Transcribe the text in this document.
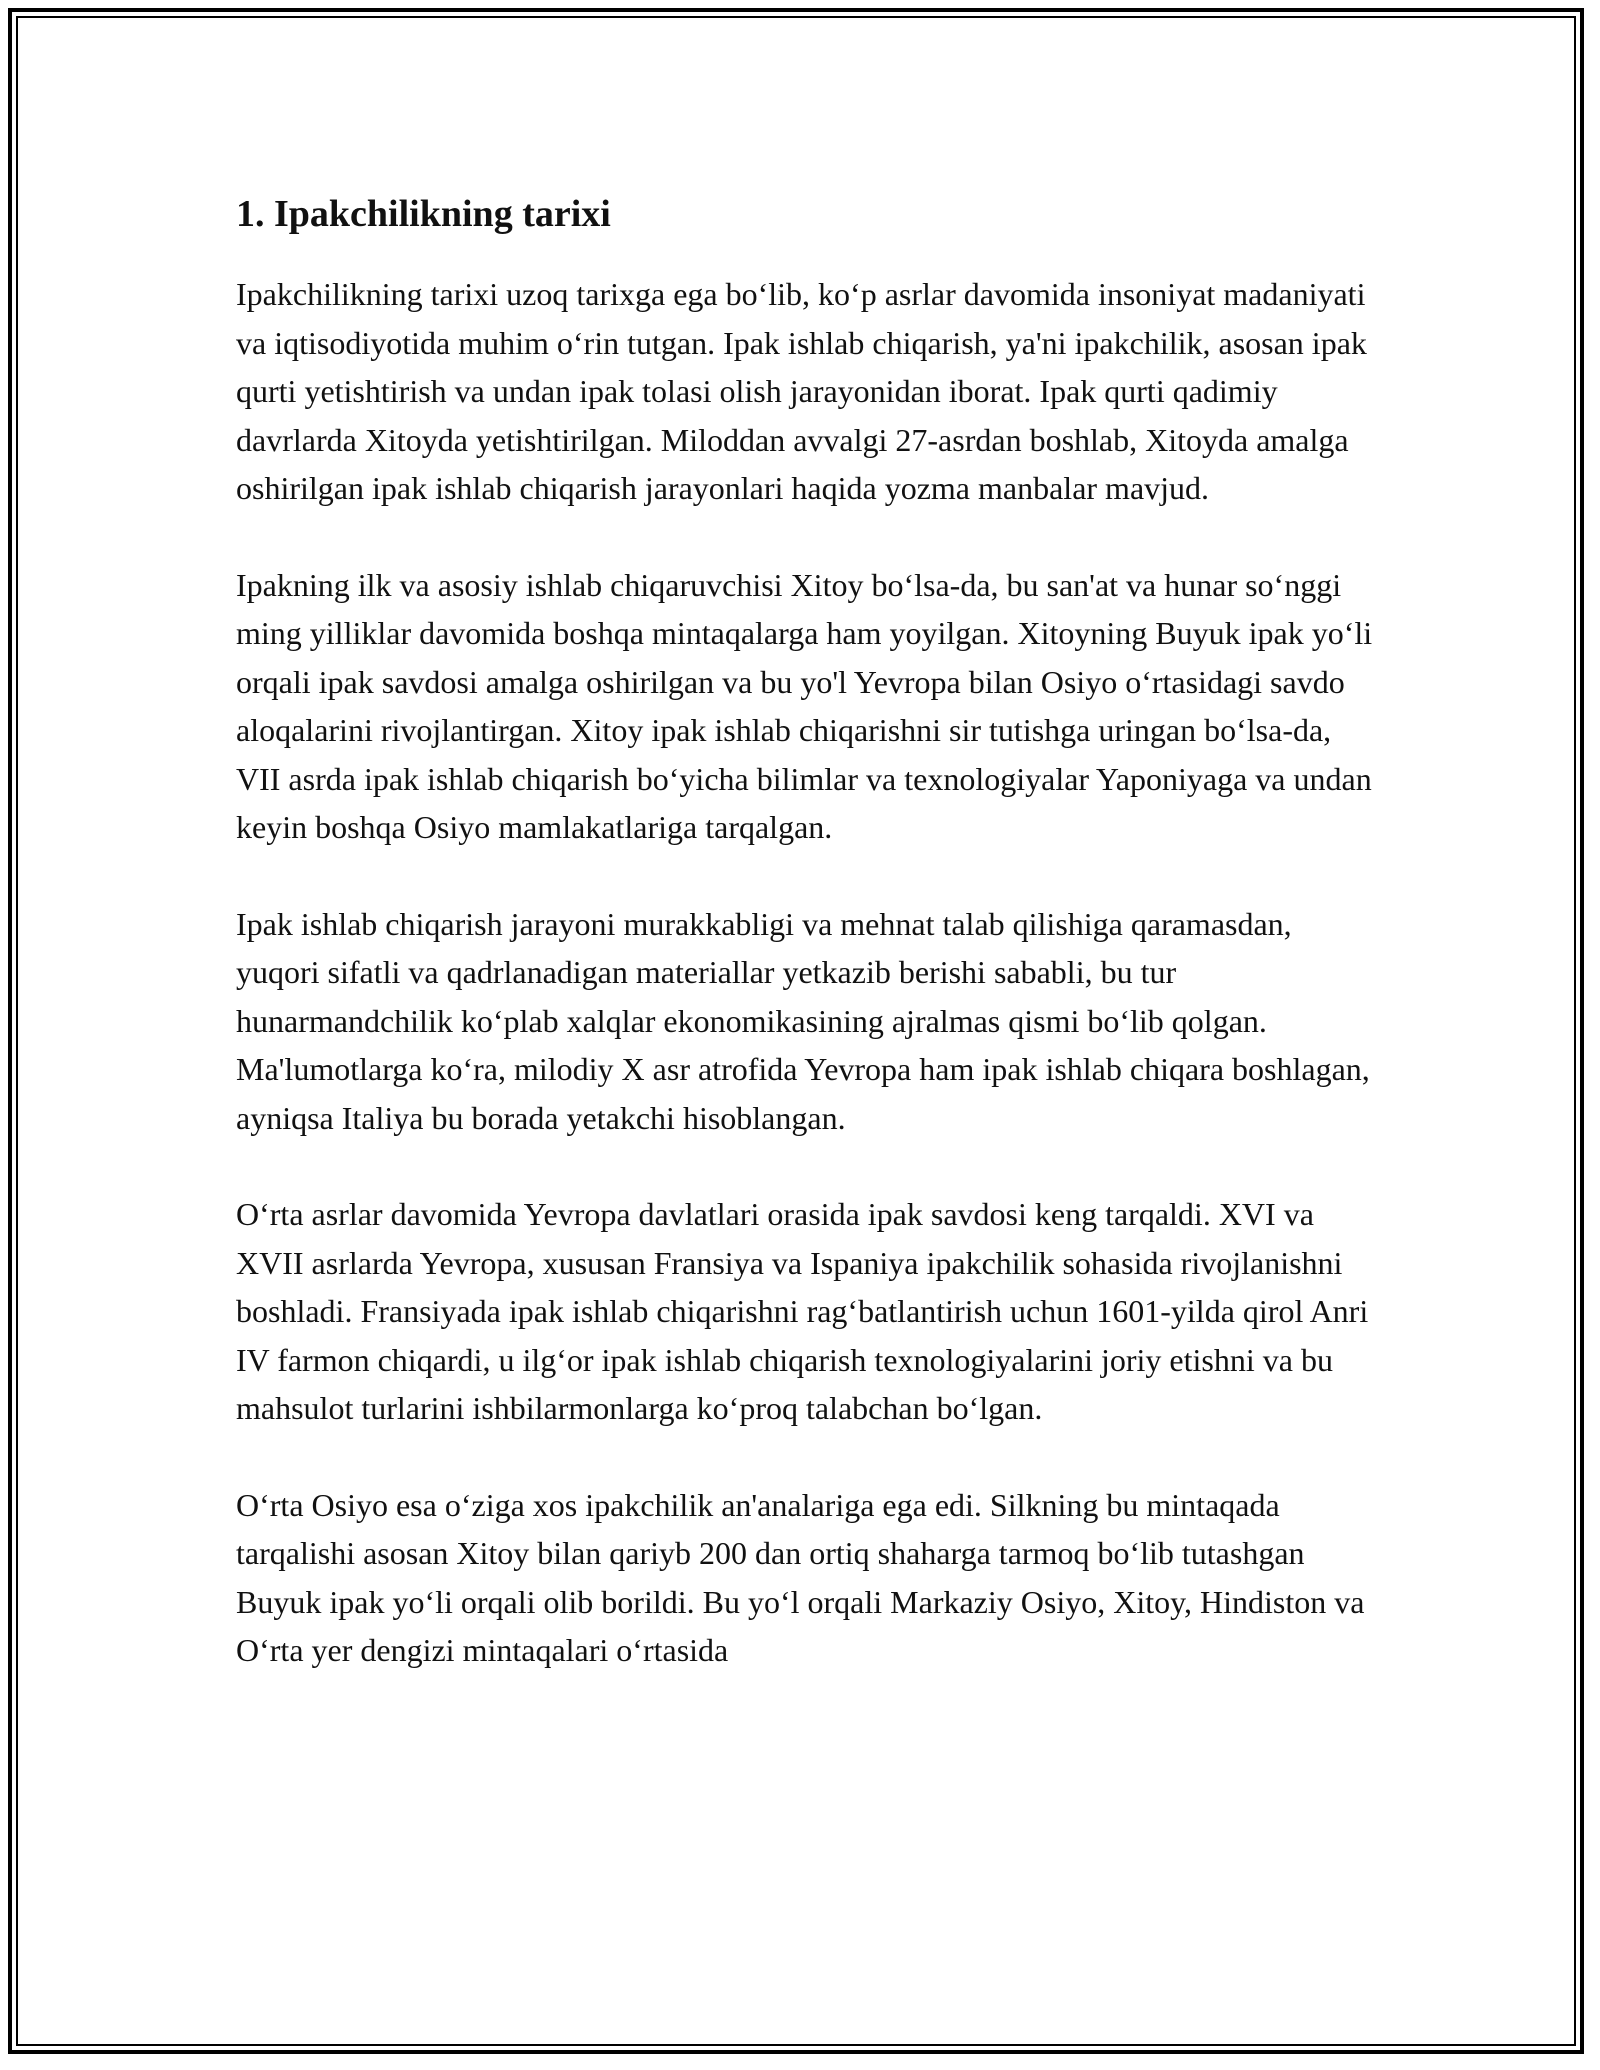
1. Ipakchilikning tarixi

Ipakchilikning tarixi uzoq tarixga ega bo‘lib, ko‘p asrlar davomida insoniyat madaniyati va iqtisodiyotida muhim o‘rin tutgan. Ipak ishlab chiqarish, ya'ni ipakchilik, asosan ipak qurti yetishtirish va undan ipak tolasi olish jarayonidan iborat. Ipak qurti qadimiy davrlarda Xitoyda yetishtirilgan. Miloddan avvalgi 27-asrdan boshlab, Xitoyda amalga oshirilgan ipak ishlab chiqarish jarayonlari haqida yozma manbalar mavjud.

Ipakning ilk va asosiy ishlab chiqaruvchisi Xitoy bo‘lsa-da, bu san'at va hunar so‘nggi ming yilliklar davomida boshqa mintaqalarga ham yoyilgan. Xitoyning Buyuk ipak yo‘li orqali ipak savdosi amalga oshirilgan va bu yo'l Yevropa bilan Osiyo o‘rtasidagi savdo aloqalarini rivojlantirgan. Xitoy ipak ishlab chiqarishni sir tutishga uringan bo‘lsa-da, VII asrda ipak ishlab chiqarish bo‘yicha bilimlar va texnologiyalar Yaponiyaga va undan keyin boshqa Osiyo mamlakatlariga tarqalgan.

Ipak ishlab chiqarish jarayoni murakkabligi va mehnat talab qilishiga qaramasdan, yuqori sifatli va qadrlanadigan materiallar yetkazib berishi sababli, bu tur hunarmandchilik ko‘plab xalqlar ekonomikasining ajralmas qismi bo‘lib qolgan. Ma'lumotlarga ko‘ra, milodiy X asr atrofida Yevropa ham ipak ishlab chiqara boshlagan, ayniqsa Italiya bu borada yetakchi hisoblangan.

O‘rta asrlar davomida Yevropa davlatlari orasida ipak savdosi keng tarqaldi. XVI va XVII asrlarda Yevropa, xususan Fransiya va Ispaniya ipakchilik sohasida rivojlanishni boshladi. Fransiyada ipak ishlab chiqarishni rag‘batlantirish uchun 1601-yilda qirol Anri IV farmon chiqardi, u ilg‘or ipak ishlab chiqarish texnologiyalarini joriy etishni va bu mahsulot turlarini ishbilarmonlarga ko‘proq talabchan bo‘lgan.

O‘rta Osiyo esa o‘ziga xos ipakchilik an'analariga ega edi. Silkning bu mintaqada tarqalishi asosan Xitoy bilan qariyb 200 dan ortiq shaharga tarmoq bo‘lib tutashgan Buyuk ipak yo‘li orqali olib borildi. Bu yo‘l orqali Markaziy Osiyo, Xitoy, Hindiston va O‘rta yer dengizi mintaqalari o‘rtasida
